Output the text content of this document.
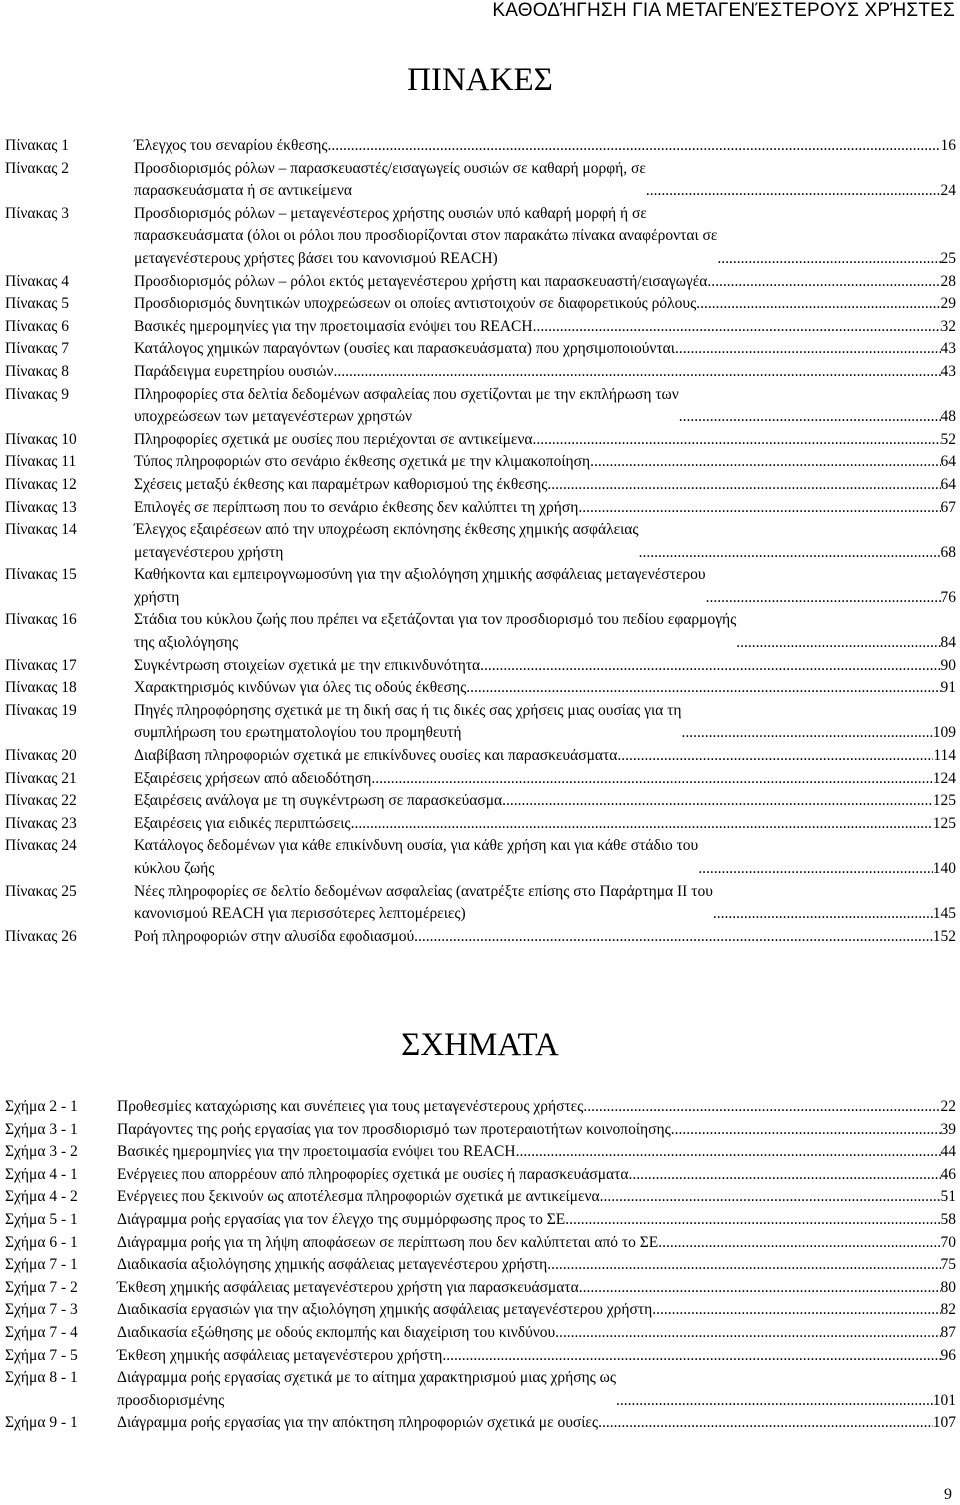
ΚΑΘΟΔΉΓΗΣΗ ΓΙΑ ΜΕΤΑΓΕΝΈΣΤΕΡΟΥΣ ΧΡΉΣΤΕΣ
ΠΙΝΑΚΕΣ
Πίνακας 1	Έλεγχος του σεναρίου έκθεσης .....	16
Πίνακας 2	Προσδιορισμός ρόλων – παρασκευαστές/εισαγωγείς ουσιών σε καθαρή μορφή, σε
παρασκευάσματα ή σε αντικείμενα .....	24
Πίνακας 3	Προσδιορισμός ρόλων – μεταγενέστερος χρήστης ουσιών υπό καθαρή μορφή ή σε
παρασκευάσματα (όλοι οι ρόλοι που προσδιορίζονται στον παρακάτω πίνακα αναφέρονται σε
μεταγενέστερους χρήστες βάσει του κανονισμού REACH) .....	25
Πίνακας 4	Προσδιορισμός ρόλων – ρόλοι εκτός μεταγενέστερου χρήστη και παρασκευαστή/εισαγωγέα .....	28
Πίνακας 5	Προσδιορισμός δυνητικών υποχρεώσεων οι οποίες αντιστοιχούν σε διαφορετικούς ρόλους .....	29
Πίνακας 6	Βασικές ημερομηνίες για την προετοιμασία ενόψει του REACH .....	32
Πίνακας 7	Κατάλογος χημικών παραγόντων (ουσίες και παρασκευάσματα) που χρησιμοποιούνται .....	43
Πίνακας 8	Παράδειγμα ευρετηρίου ουσιών .....	43
Πίνακας 9	Πληροφορίες στα δελτία δεδομένων ασφαλείας που σχετίζονται με την εκπλήρωση των
υποχρεώσεων των μεταγενέστερων χρηστών .....	48
Πίνακας 10	Πληροφορίες σχετικά με ουσίες που περιέχονται σε αντικείμενα .....	52
Πίνακας 11	Τύπος πληροφοριών στο σενάριο έκθεσης σχετικά με την κλιμακοποίηση .....	64
Πίνακας 12	Σχέσεις μεταξύ έκθεσης και παραμέτρων καθορισμού της έκθεσης .....	64
Πίνακας 13	Επιλογές σε περίπτωση που το σενάριο έκθεσης δεν καλύπτει τη χρήση .....	67
Πίνακας 14	Έλεγχος εξαιρέσεων από την υποχρέωση εκπόνησης έκθεσης χημικής ασφάλειας
μεταγενέστερου χρήστη .....	68
Πίνακας 15	Καθήκοντα και εμπειρογνωμοσύνη για την αξιολόγηση χημικής ασφάλειας μεταγενέστερου
χρήστη .....	76
Πίνακας 16	Στάδια του κύκλου ζωής που πρέπει να εξετάζονται για τον προσδιορισμό του πεδίου εφαρμογής
της αξιολόγησης .....	84
Πίνακας 17	Συγκέντρωση στοιχείων σχετικά με την επικινδυνότητα .....	90
Πίνακας 18	Χαρακτηρισμός κινδύνων για όλες τις οδούς έκθεσης .....	91
Πίνακας 19	Πηγές πληροφόρησης σχετικά με τη δική σας ή τις δικές σας χρήσεις μιας ουσίας για τη
συμπλήρωση του ερωτηματολογίου του προμηθευτή .....	109
Πίνακας 20	Διαβίβαση πληροφοριών σχετικά με επικίνδυνες ουσίες και παρασκευάσματα .....	114
Πίνακας 21	Εξαιρέσεις χρήσεων από αδειοδότηση .....	124
Πίνακας 22	Εξαιρέσεις ανάλογα με τη συγκέντρωση σε παρασκεύασμα .....	125
Πίνακας 23	Εξαιρέσεις για ειδικές περιπτώσεις .....	125
Πίνακας 24	Κατάλογος δεδομένων για κάθε επικίνδυνη ουσία, για κάθε χρήση και για κάθε στάδιο του
κύκλου ζωής .....	140
Πίνακας 25	Νέες πληροφορίες σε δελτίο δεδομένων ασφαλείας (ανατρέξτε επίσης στο Παράρτημα ΙΙ του
κανονισμού REACH για περισσότερες λεπτομέρειες) .....	145
Πίνακας 26	Ροή πληροφοριών στην αλυσίδα εφοδιασμού .....	152
ΣΧΗΜΑΤΑ
Σχήμα 2 - 1	Προθεσμίες καταχώρισης και συνέπειες για τους μεταγενέστερους χρήστες .....	22
Σχήμα 3 - 1	Παράγοντες της ροής εργασίας για τον προσδιορισμό των προτεραιοτήτων κοινοποίησης .....	39
Σχήμα 3 - 2	Βασικές ημερομηνίες για την προετοιμασία ενόψει του REACH .....	44
Σχήμα 4 - 1	Ενέργειες που απορρέουν από πληροφορίες σχετικά με ουσίες ή παρασκευάσματα .....	46
Σχήμα 4 - 2	Ενέργειες που ξεκινούν ως αποτέλεσμα πληροφοριών σχετικά με αντικείμενα .....	51
Σχήμα 5 - 1	Διάγραμμα ροής εργασίας για τον έλεγχο της συμμόρφωσης προς το ΣΕ .....	58
Σχήμα 6 - 1	Διάγραμμα ροής για τη λήψη αποφάσεων σε περίπτωση που δεν καλύπτεται από το ΣΕ .....	70
Σχήμα 7 - 1	Διαδικασία αξιολόγησης χημικής ασφάλειας μεταγενέστερου χρήστη .....	75
Σχήμα 7 - 2	Έκθεση χημικής ασφάλειας μεταγενέστερου χρήστη για παρασκευάσματα .....	80
Σχήμα 7 - 3	Διαδικασία εργασιών για την αξιολόγηση χημικής ασφάλειας μεταγενέστερου χρήστη .....	82
Σχήμα 7 - 4	Διαδικασία εξώθησης με οδούς εκπομπής και διαχείριση του κινδύνου .....	87
Σχήμα 7 - 5	Έκθεση χημικής ασφάλειας μεταγενέστερου χρήστη .....	96
Σχήμα 8 - 1	Διάγραμμα ροής εργασίας σχετικά με το αίτημα χαρακτηρισμού μιας χρήσης ως
προσδιορισμένης .....	101
Σχήμα 9 - 1	Διάγραμμα ροής εργασίας για την απόκτηση πληροφοριών σχετικά με ουσίες .....	107
9
